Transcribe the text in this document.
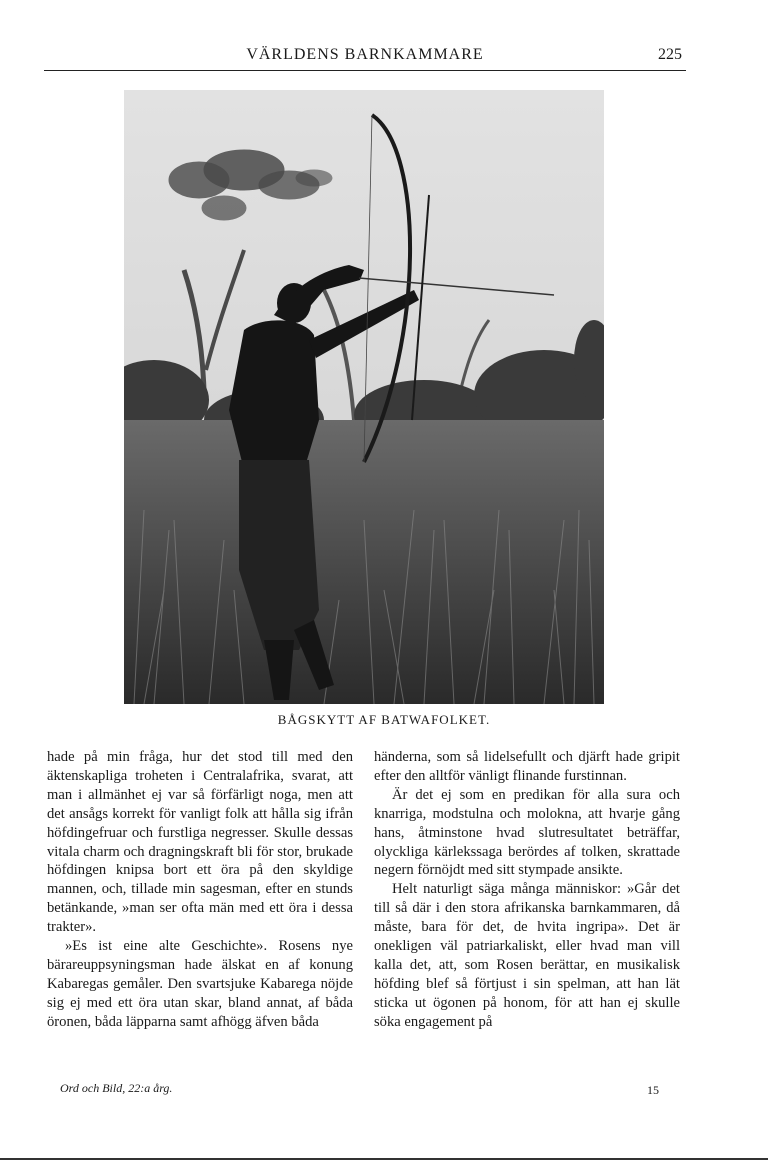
VÄRLDENS BARNKAMMARE	225
BÅGSKYTT AF BATWAFOLKET.

hade på min fråga, hur det stod till med den äktenskapliga troheten i Centralafrika, svarat, att man i allmänhet ej var så förfärligt noga, men att det ansågs korrekt för vanligt folk att hålla sig ifrån höfdingefruar och furstliga negresser. Skulle dessas vitala charm och dragningskraft bli för stor, brukade höfdingen knipsa bort ett öra på den skyldige mannen, och, tillade min sagesman, efter en stunds betänkande, »man ser ofta män med ett öra i dessa trakter».

»Es ist eine alte Geschichte». Rosens nye bärareuppsyningsman hade älskat en af konung Kabaregas gemåler. Den svartsjuke Kabarega nöjde sig ej med ett öra utan skar, bland annat, af båda öronen, båda läpparna samt afhögg äfven båda

händerna, som så lidelsefullt och djärft hade gripit efter den alltför vänligt flinande furstinnan.

Är det ej som en predikan för alla sura och knarriga, modstulna och molokna, att hvarje gång hans, åtminstone hvad slutresultatet beträffar, olyckliga kärlekssaga berördes af tolken, skrattade negern förnöjdt med sitt stympade ansikte.

Helt naturligt säga många människor: »Går det till så där i den stora afrikanska barnkammaren, då måste, bara för det, de hvita ingripa». Det är onekligen väl patriarkaliskt, eller hvad man vill kalla det, att, som Rosen berättar, en musikalisk höfding blef så förtjust i sin spelman, att han lät sticka ut ögonen på honom, för att han ej skulle söka engagement på

Ord och Bild, 22:a årg.	15
